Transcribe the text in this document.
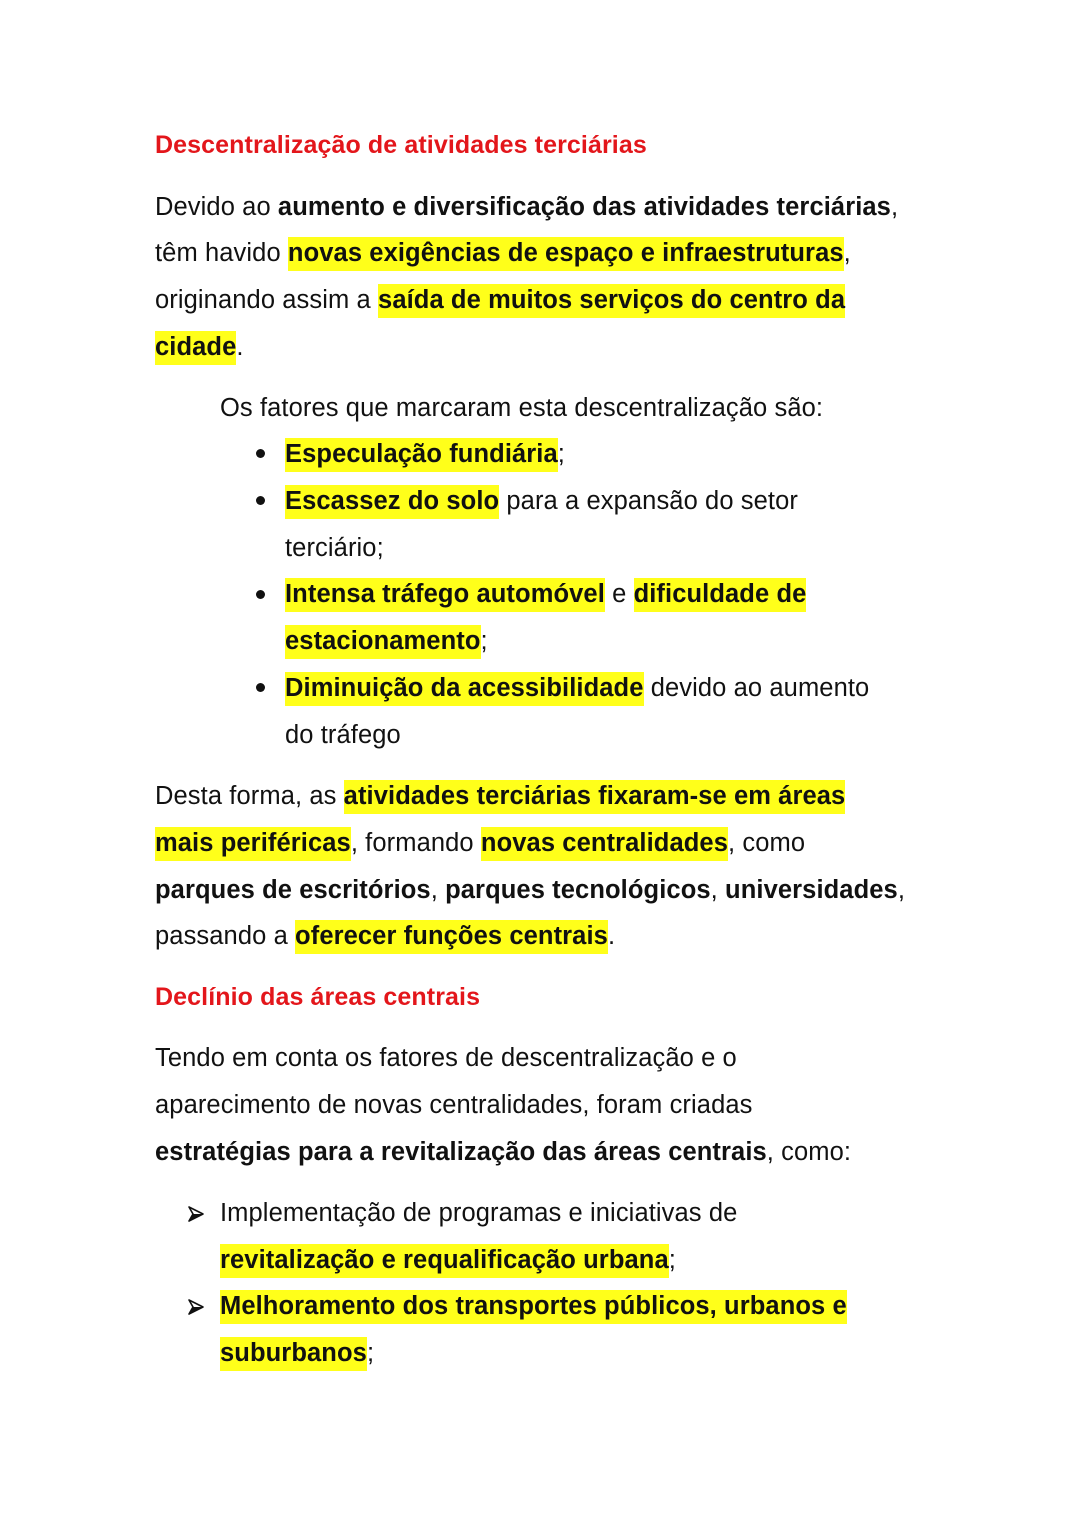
Descentralização de atividades terciárias
Devido ao aumento e diversificação das atividades terciárias,
têm havido novas exigências de espaço e infraestruturas,
originando assim a saída de muitos serviços do centro da
cidade.
Os fatores que marcaram esta descentralização são:
Especulação fundiária;
Escassez do solo para a expansão do setor
terciário;
Intensa tráfego automóvel e dificuldade de
estacionamento;
Diminuição da acessibilidade devido ao aumento
do tráfego
Desta forma, as atividades terciárias fixaram-se em áreas
mais periféricas, formando novas centralidades, como
parques de escritórios, parques tecnológicos, universidades,
passando a oferecer funções centrais.
Declínio das áreas centrais
Tendo em conta os fatores de descentralização e o
aparecimento de novas centralidades, foram criadas
estratégias para a revitalização das áreas centrais, como:
Implementação de programas e iniciativas de
revitalização e requalificação urbana;
Melhoramento dos transportes públicos, urbanos e
suburbanos;
